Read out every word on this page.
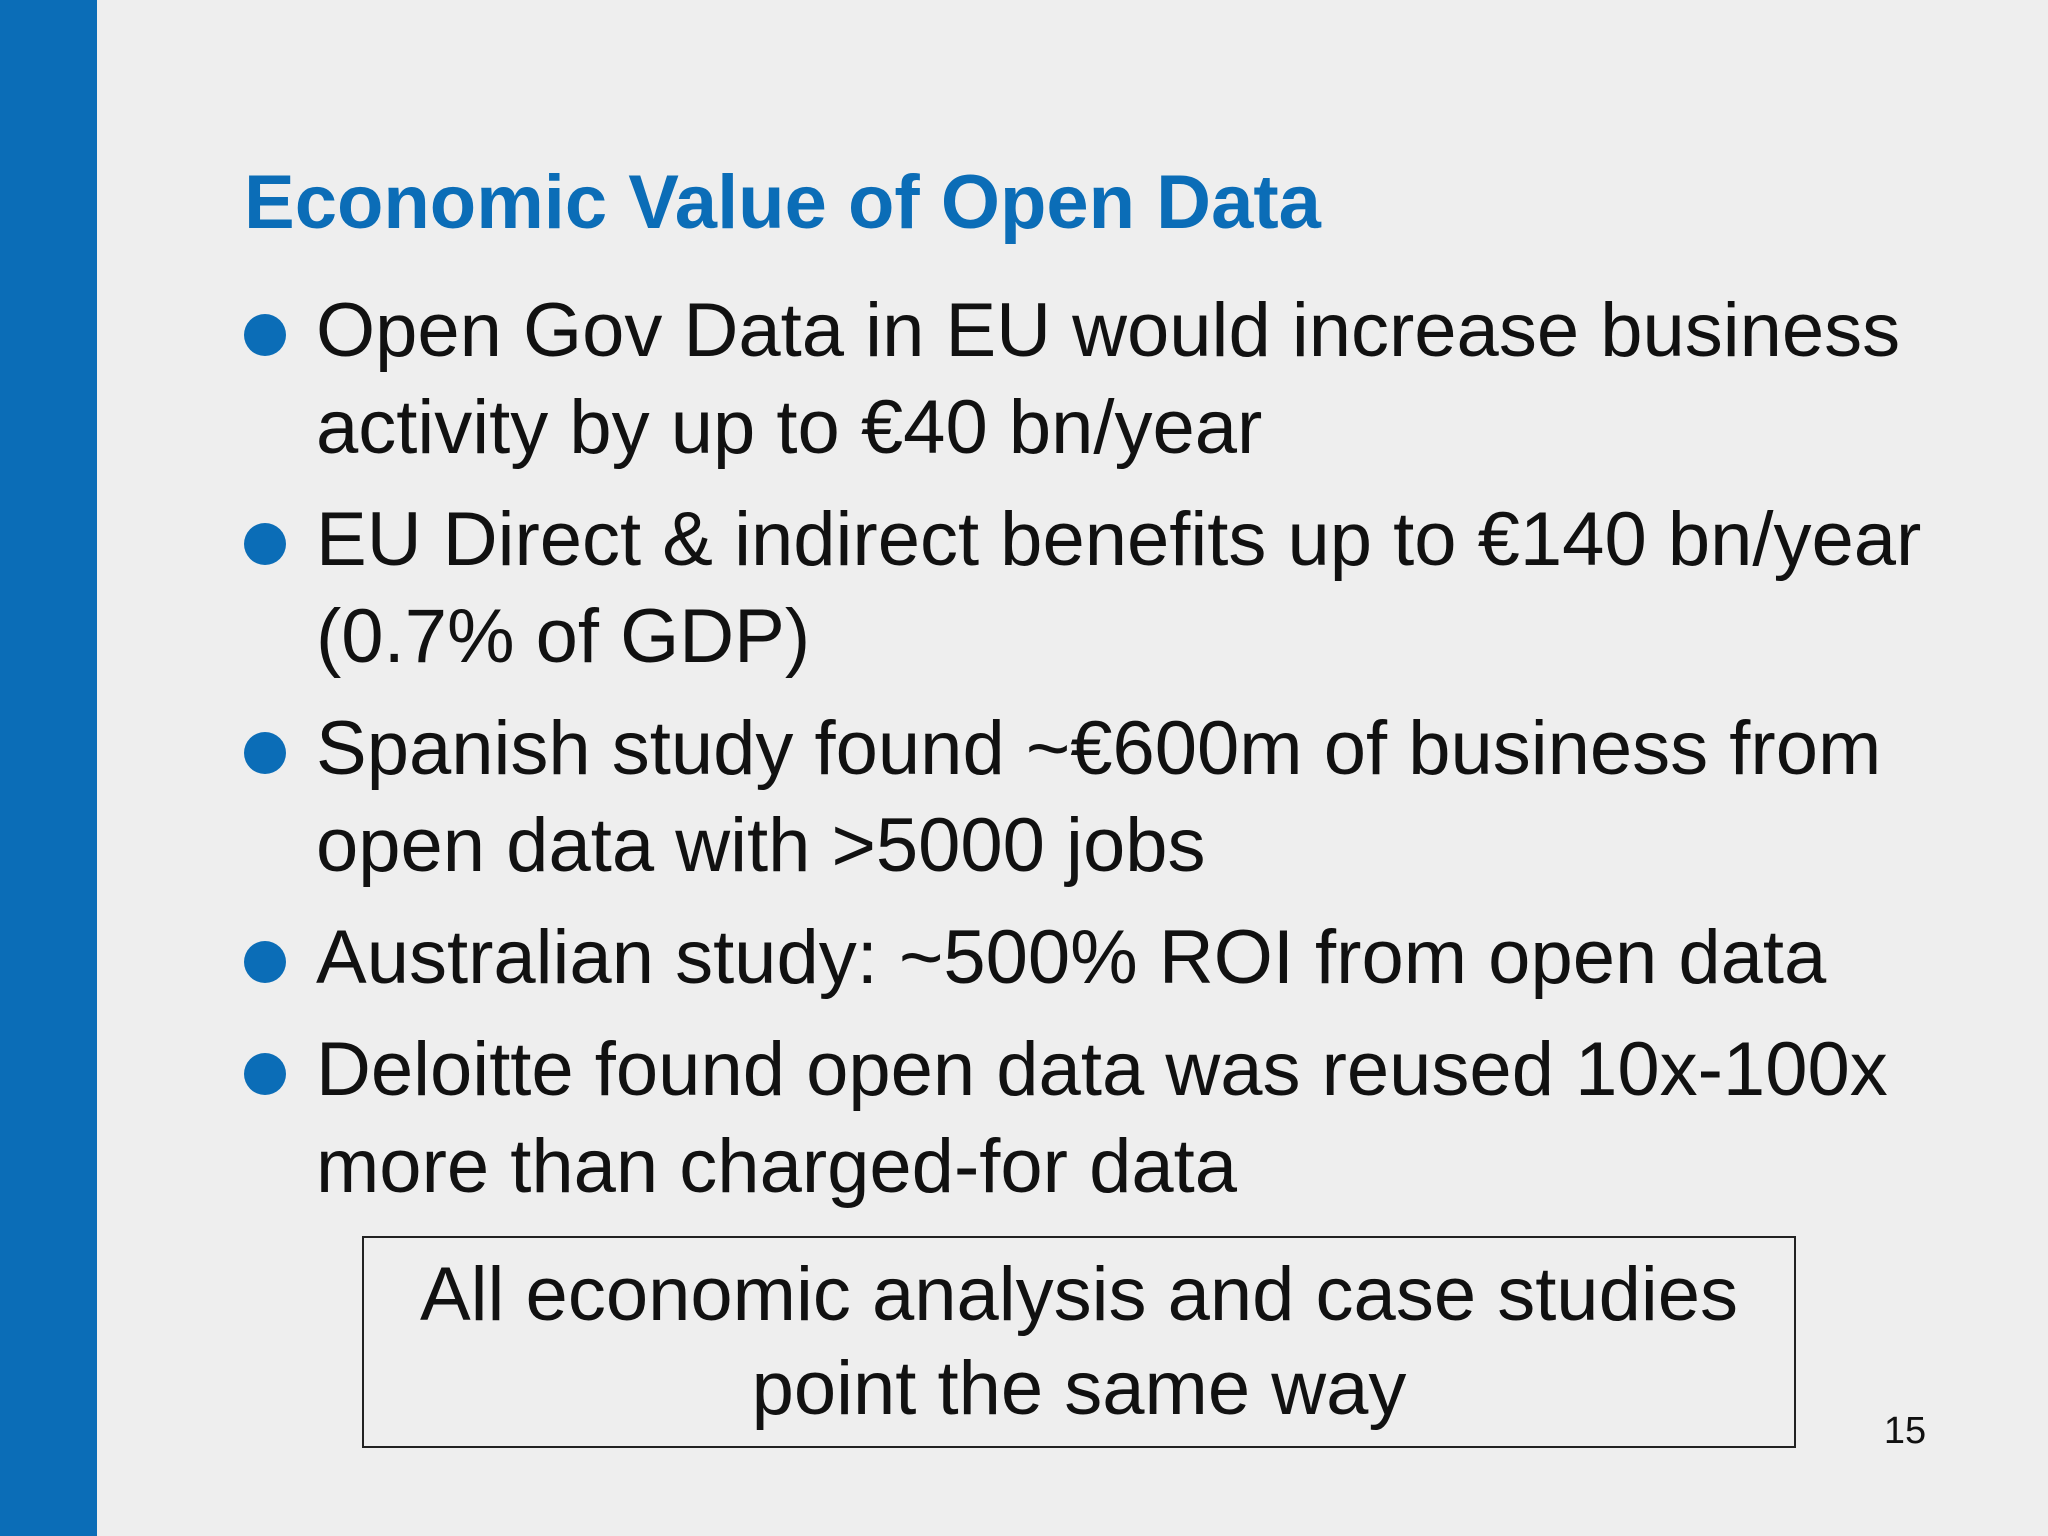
Economic Value of Open Data
Open Gov Data in EU would increase business activity by up to €40 bn/year
EU Direct & indirect benefits up to €140 bn/year (0.7% of GDP)
Spanish study found ~€600m of business from open data with >5000 jobs
Australian study: ~500% ROI from open data
Deloitte found open data was reused 10x-100x more than charged-for data
All economic analysis and case studies point the same way	15
